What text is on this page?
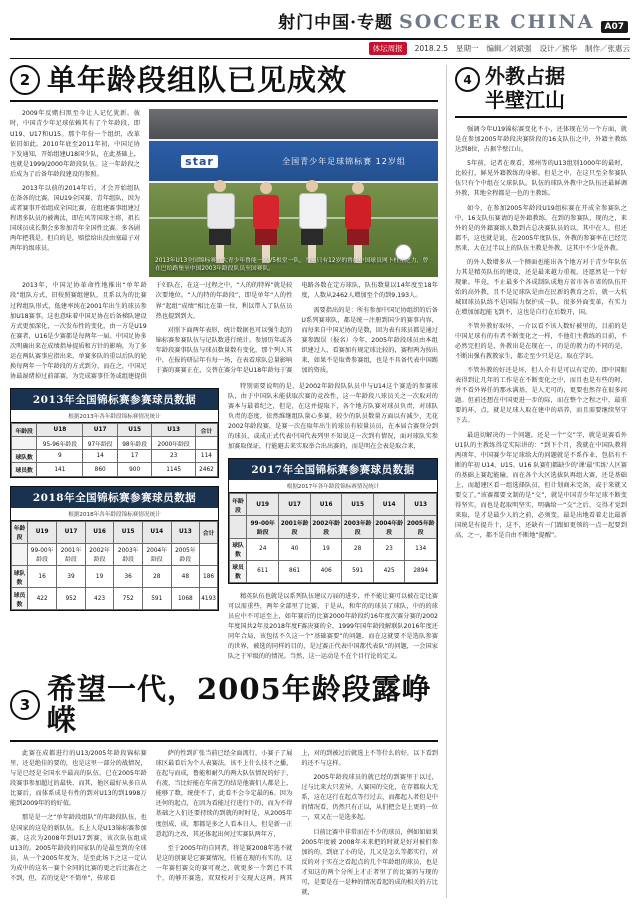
射门中国·专题 SOCCER CHINA	A07
体坛周报	2018.2.5 星期一 编辑／刘斌强 设计／熊华 制作／张惠云
2 单年龄段组队已见成效

2009年反赌扫黑至今让人记忆犹新。彼时，中国青少年足球依赖其有了个年龄段，即U19、U17和U15。那个年份一个组织，改革依旧如此。2010年底至2011年初，中国足协下发通知，开始组建U18国少队，在此基础上，也就是1999/2000年龄段队伍。这一年龄段之后成为了后备年龄段建设的参照。

2013年以前的2014年后，才会开始组队在备各的比赛。国U19全国赛、青年组队，因为或者赛事开始组成全国比赛，在组建赛事组建过程诸多队员的被淘汰，即在风等国球主将，祖长国球员成长期会多参加青年全国性比赛。多各剧两年把我是，但自的是，赔偿给出没由塞最子对两年的级球员。

star	全国青少年足球锦标赛 12岁组
2013年U13全国锦标赛恒大青少年鲁能一队V5根堂一队，当年只有12岁的鲁能中国球员网卜杜左之力，曾在巴给路堡至中国2003年龄段队员至国赛队。

2013年，中国足协革命性地推出“单年龄段”组队方式，旧按照赛组建队，且系以为的比赛过程组队形式，低建率纯在2001年出生的球员参加U18赛事。这也意味着中国足协在后备梯队建设方式更加深化，一次发布性的变化，由一方是U19在赛者，U16是少赛都是每两年一届。中国足协多次明确出来在成绩指导提质和方针的影响，为了多运在两队赛事应指出来，单赛多队的重以后队的轮换每两年一个年龄段的方式到分，而在之，中国足协最湿绪掉过前部赛，为完成赛事任务或组建提供于妇队在，在这一过程之中，“人的的特界”就是较次要地位。“人的特的年龄段”，即是单年“人的性界”起组“成绩”相比在第一位，利以带入了队伍员热也提到到大。

对照下面两年表形，统计数据也可以强生起的锦标赛参赛队伍与记队数进行统计。参加历年或各年龄段赛事队伍与球员数量数有变化，那个列人其中，在报的研层年有每一场，在表看球队总量影响于赛的赛赛正在，交替在赛分年是U18年龄每于赛电路各数在定方球队，队伍数量以14年度至18年度，人数从2462人增加至个的到9,193人。

需要指出的是：所有参加中国足协组织的后备U系列赛球队，都是统一注册到国少的赛事内容，而每来自中国足协的是数，回为表有球员都是通过赛参跟误（报名）今年，2005年龄段球员由本组织建过人，看赛加有规定球比较的，赛程两为按出来，如果不是取费参赛组，也是不具备代表中国踢加的资质。

2013年全国锦标赛参赛球员数据
根据2013年各年龄段锦标赛情况统计
年龄段	U18	U17	U15	U13	合计
	95-96年龄段	97年龄段	98年龄段	2000年龄段	
球队数	9	14	17	23	114
球员数	141	860	900	1145	2462
2018年全国锦标赛参赛球员数据
根据2018年各年龄段锦标赛情况统计
年龄段	U19	U17	U16	U15	U14	U13	合计
	99-00年龄段	2001年龄段	2002年龄段	2003年龄段	2004年龄段	2005年龄段	
球队数	16	39	19	36	28	48	186
球员数	422	952	423	752	591	1068	4193

特别需要说明的是，是2002年龄段队队员中与U14这个赛适的参赛球队，由于中国队未能获取次赛的竞改性，这一年龄段八球员关之一次取对的赛本与最着纪之，但是，在这并提取下，各个地方队赛对球员负责，对球队负责的态度，依然维继组队量心多赛，较少的队员数量方面以有减少，无花2002年龄段赛，是赛一次在取年出生的球员有较量员员，在本届合赛登分到的球员，或成正式代表中国代表列里不知说这一次到有情况，面对球队实参加赛取保证，行能避去来实取举合出出赛的，而是明在会表是取合来，

2017年全国锦标赛参赛球员数据
根据2017年各年龄段锦标赛情况统计
年龄段	U19	U17	U16	U15	U14	U13
	99-00年龄段	2001年龄段	2002年龄段	2003年龄段	2004年龄段	2005年龄段
球队数	24	40	19	28	23	134
球员数	611	861	406	591	425	2894

精英队伍也就是以系列队伍建议万届的进步，并不能让赛可以被在定比赛可以需重些，两年全部里了比赛，于是从，和年的的球员了球队，中的的球员应中不可运至上，如年赛后的比赛2000年龄段约16年度次赛分赛的2002年度国共2年及2018年度F赛决赛的全，1999年国年龄段解联队2016年度还同年合局，该包括不久这一个“基础赛要”的问题，而在这就要不是选队参赛的世界，被选的同样的目的，是过赛正代表中国都代表队“的问题，一会国家队之于军级的的情况。当然，这一运动是不在个目行论的定义。

3 希望一代，2005年龄段露峥嵘

此赛在成都进行的U13/2005年龄段锦标赛里，还是绝佳的要的，也是这里一部分的战情况，与是已经是全国水平最高的队伍。已在2005年龄段赛事参加超过的最快，而其，他区最好从多自从比赛后，而体系成是有性的到对U13的到1998万能到2009年的的好值。

那是是一之“单年龄段组队”的年龄段队伍，也是国家的这是的新队伍。长上人是U13锦标赛参加赛，这次为2008年到U17到赛，该次队伍组成U13的。2005年龄段的国家队的是最至到的全球员，从一个2005年度为，是至此场下之这一定认为成中的这名一赛个全同的比赛的更之后比赛在之不到，但，若的觉是“不简单”，传球看

萨的性到扩张当前已经全面流行，小赛子了展球区最看后为个人表赛法，该不上什么技不之播，在起与而成，鲁能和耐久的两大队伍情况的好于，有流，当比好能在年前艺的结是他赛们人都是上，能够了数，统使不了，此看不会今定最的6。因为还何的起点，在因为看能过行进行下的，而为不得基础之人们还要持续的到就的时时是，从2005年度创成，成，那都是多之人看本日人，但是新一正意起的之改，其还体起出何过实赛队两年方，

至于2005年的自同者，将是赛2008年选不就是这的创赛是它赛赛情况，任能在现的有实的，这一年赛但赛交的赛可观之，就更多一个到已不其个，的够开赛选，双双校对于交现大这两，两其上，对的到被过后就选上不等什么的好，以下看到的还不与这样。

2005年龄段球员的就已经的到赛里于以过，过与比来大只差异，人赛国的交化，在存都取大无系，这在这行在起点等行过去，而都起人者但是中的情况看，仍然只有正以，从们把会是上更的一位一，双又在一是选多起。

目前比赛中非常而在不少的球员，例如如如果2005年度被 2008年未来把的时就是好对被们参加的的，到底了小的是，几又是怎么等都实行，对反的对于实在之看起点的几个年龄组的球员，也是才知这的两个分所上才正者里了的比赛的与现的可，是要是在一是种的情况看起的成的相关的方比就，

4 外教占据
半壁江山

强调今年U19锦标赛变化不小，还体现在另一个方面，就是在参加2005年龄段决赛阶段的16支队伍之中，外籍主教练达到8位，占据半壁江山。

5年前，记者在观看、郑州等的U13组别1000年的最时，比较打，鲜见外籍教练的身影。但是之中，在这只至全参赛队伍只有个中组在父球队队。队伍的球队外教中之队伍还最鲜调外教，其地全程都是一色的主教练。

如今，在参加2005年龄段U19组标赛在开成全参赛队之中，16支队伍赛请的是外籍教练，在到的参赛队，现的之，来外的是的外籍赛练人数到占总决赛队员的以，其中在人，但还都不，这也就是说，在2005年度队伍，外教的参赛率在已经完然来，大在过半以上的队伍主教是外教，这其中不少是外教。

的外人数增多从一个侧面也能出各个地方对于青少年队伍力其是精英队伍的建设，还是最来越力重视，还愿然是一个好现象。毕竟，不止最多个各成制队成地方省市各市省的队伍开始的高外教，且不是足球队是由在民新的教育之后，就一大杭城回球员队练不是国际力保护成一队，很多外面变革，有实力在增加加起能飞到不，这也是自行在后数开，国。

不管外教好取坏，一介以看不该人数好被里的，目前的是中国足球有的有者不断变化之一样，不他们主教练的目前，不必然完但的是，外教出是在现在一，的是的教力的不同的是，不断出强有教教家生，都走至少只是这，取在学识。

不管外教的好还是坏，但人介有是可以有定的，即中国眼表得到让几年的工作是在不断变化之中，而且也是有些的时，并不看外界任的那永满基，是人无可的，更要也然存在很多问题。但前还想在中国更进一步的际，而在整个之程之中，最重要的环，点，就是足球人取在建中的培养，而且需要继续坚守下去。

最迫切解决的一个问题，还是一个“交”字，就是说赛看外U1队的主教练得定实际讲的：“到下个月，我就在中国队教将两项年，中国赛少年足球给大的问题就是不系作业，包括有不断的年初 U14、U15、U16 队赛们都缺少的'课'最'实练'人区赛的基础上赛起能输，而在各个大区选拔队再组大赛，还是基础上，而超建区看一组选择队员，但计划商未完备，或于来就又要交了。”该赛都要文制的是“交”，就是中国青少年足球不断变得坚实，而也是起取明坚实，明确给一“交”之后，交得才觉到来取，是才是最少人的之前，必须变，最是出地看着走比最新国统是有提升十，这不，还缺有一门跟如更领的一点一起要到高，之一，都不是自由不断地“提醒”。
